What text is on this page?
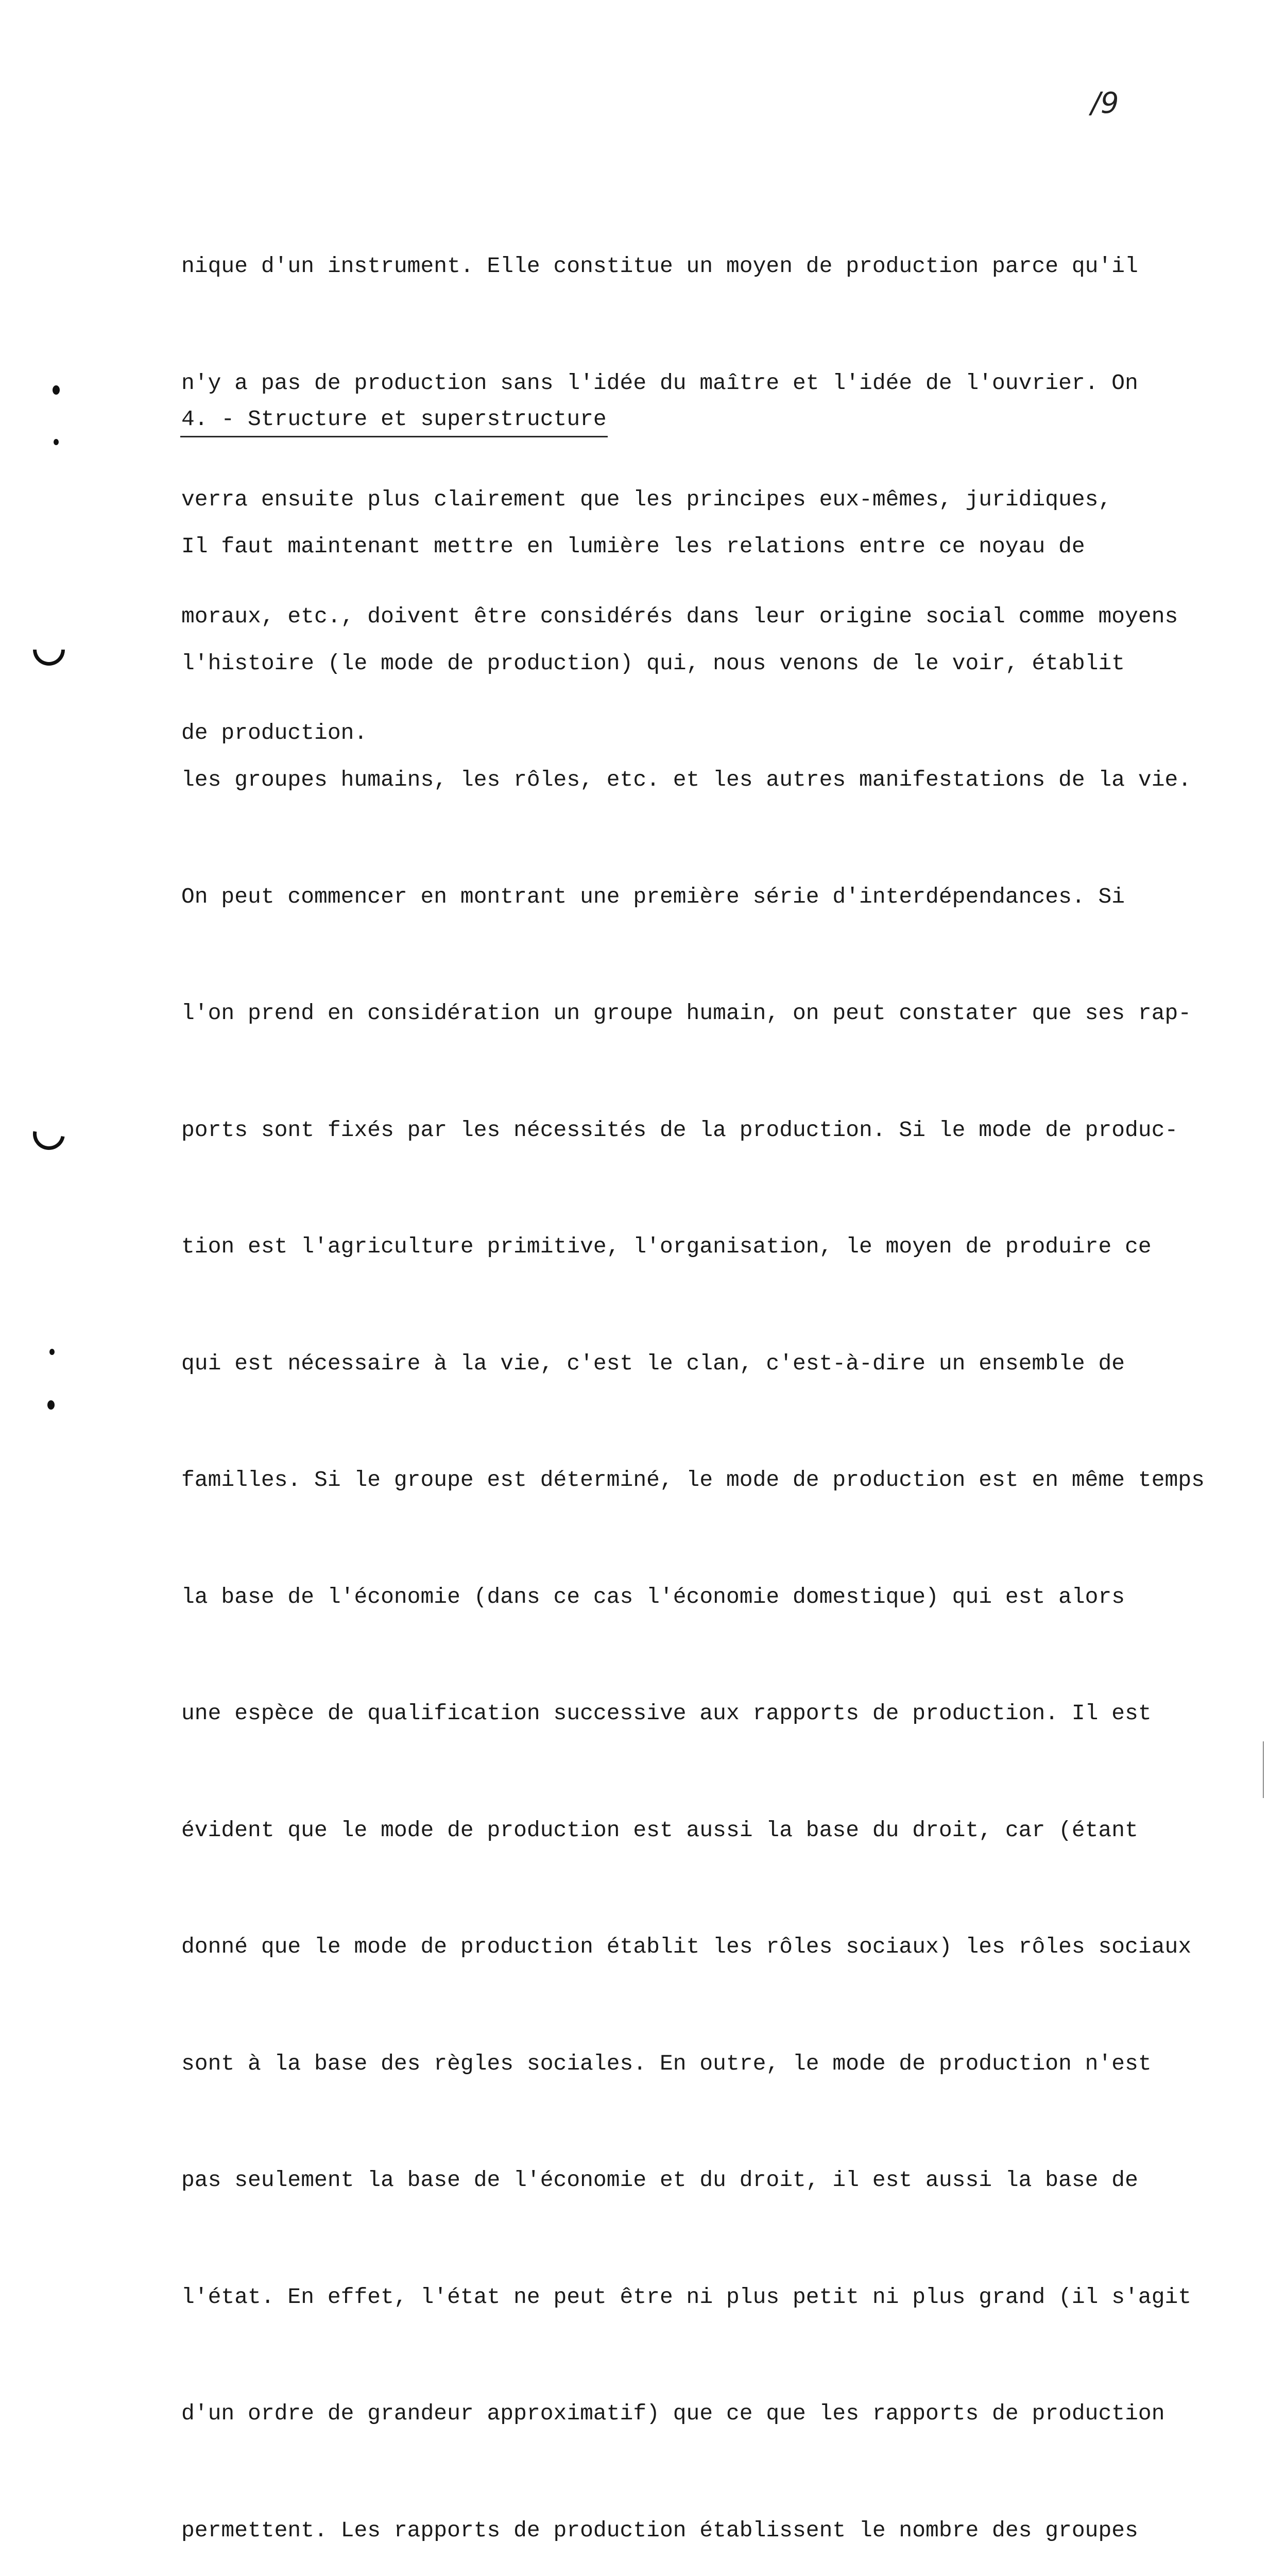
/9

nique d'un instrument. Elle constitue un moyen de production parce qu'il

n'y a pas de production sans l'idée du maître et l'idée de l'ouvrier. On

verra ensuite plus clairement que les principes eux-mêmes, juridiques,

moraux, etc., doivent être considérés dans leur origine social comme moyens

de production.

4. - Structure et superstructure

Il faut maintenant mettre en lumière les relations entre ce noyau de

l'histoire (le mode de production) qui, nous venons de le voir, établit

les groupes humains, les rôles, etc. et les autres manifestations de la vie.

On peut commencer en montrant une première série d'interdépendances. Si

l'on prend en considération un groupe humain, on peut constater que ses rap-

ports sont fixés par les nécessités de la production. Si le mode de produc-

tion est l'agriculture primitive, l'organisation, le moyen de produire ce

qui est nécessaire à la vie, c'est le clan, c'est-à-dire un ensemble de

familles. Si le groupe est déterminé, le mode de production est en même temps

la base de l'économie (dans ce cas l'économie domestique) qui est alors

une espèce de qualification successive aux rapports de production. Il est

évident que le mode de production est aussi la base du droit, car (étant

donné que le mode de production établit les rôles sociaux) les rôles sociaux

sont à la base des règles sociales. En outre, le mode de production n'est

pas seulement la base de l'économie et du droit, il est aussi la base de

l'état. En effet, l'état ne peut être ni plus petit ni plus grand (il s'agit

d'un ordre de grandeur approximatif) que ce que les rapports de production

permettent. Les rapports de production établissent le nombre des groupes
